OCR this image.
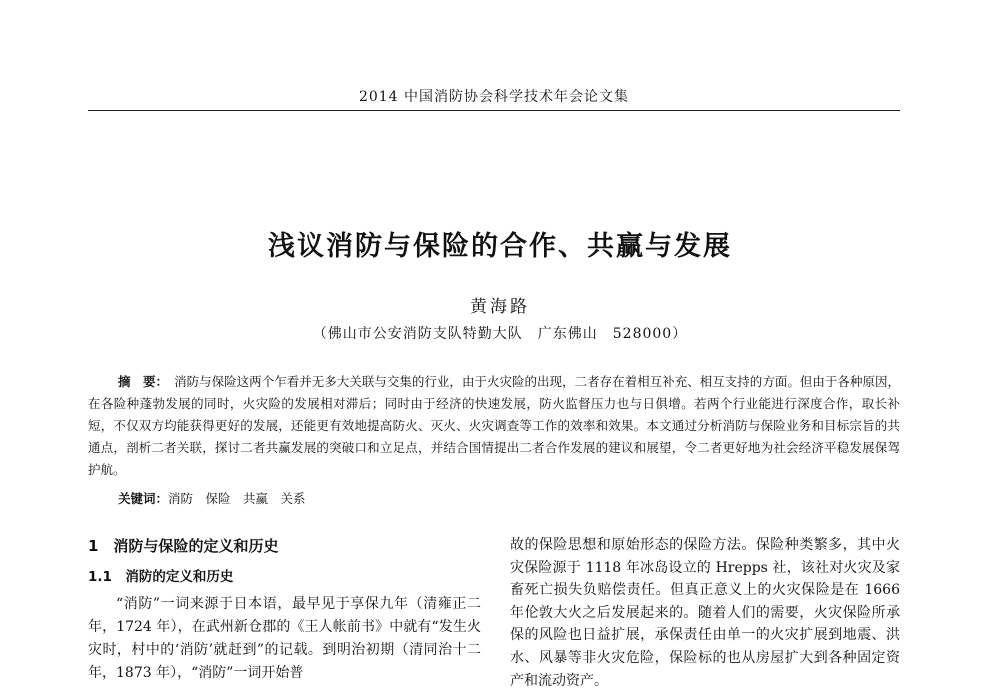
2014 中国消防协会科学技术年会论文集
浅议消防与保险的合作、共赢与发展
黄海路
（佛山市公安消防支队特勤大队　广东佛山　528000）
摘　要： 消防与保险这两个乍看并无多大关联与交集的行业，由于火灾险的出现，二者存在着相互补充、相互支持的方面。但由于各种原因，在各险种蓬勃发展的同时，火灾险的发展相对滞后；同时由于经济的快速发展，防火监督压力也与日俱增。若两个行业能进行深度合作，取长补短，不仅双方均能获得更好的发展，还能更有效地提高防火、灭火、火灾调查等工作的效率和效果。本文通过分析消防与保险业务和目标宗旨的共通点，剖析二者关联，探讨二者共赢发展的突破口和立足点，并结合国情提出二者合作发展的建议和展望，令二者更好地为社会经济平稳发展保驾护航。
关键词：消防　保险　共赢　关系
1　消防与保险的定义和历史
1.1　消防的定义和历史
“消防”一词来源于日本语，最早见于享保九年（清雍正二年，1724 年），在武州新仓郡的《王人帐前书》中就有“发生火灾时，村中的‘消防’就赶到”的记载。到明治初期（清同治十二年，1873 年），“消防”一词开始普
故的保险思想和原始形态的保险方法。保险种类繁多，其中火灾保险源于 1118 年冰岛设立的 Hrepps 社，该社对火灾及家畜死亡损失负赔偿责任。但真正意义上的火灾保险是在 1666 年伦敦大火之后发展起来的。随着人们的需要，火灾保险所承保的风险也日益扩展，承保责任由单一的火灾扩展到地震、洪水、风暴等非火灾危险，保险标的也从房屋扩大到各种固定资产和流动资产。
